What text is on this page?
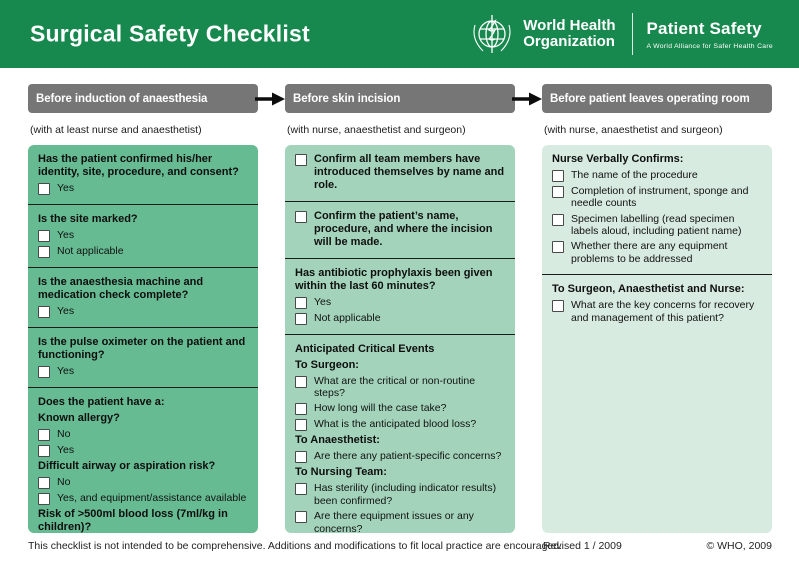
Surgical Safety Checklist	World Health
Organization
Patient Safety
A World Alliance for Safer Health Care
Before induction of anaesthesia
(with at least nurse and anaesthetist)
Has the patient confirmed his/her identity, site, procedure, and consent?
Yes
Is the site marked?
Yes
Not applicable
Is the anaesthesia machine and medication check complete?
Yes
Is the pulse oximeter on the patient and functioning?
Yes
Does the patient have a:
Known allergy?
No
Yes
Difficult airway or aspiration risk?
No
Yes, and equipment/assistance available
Risk of >500ml blood loss (7ml/kg in children)?
Before skin incision
(with nurse, anaesthetist and surgeon)
Confirm all team members have introduced themselves by name and role.
Confirm the patient’s name, procedure, and where the incision will be made.
Has antibiotic prophylaxis been given within the last 60 minutes?
Yes
Not applicable
Anticipated Critical Events
To Surgeon:
What are the critical or non-routine steps?
How long will the case take?
What is the anticipated blood loss?
To Anaesthetist:
Are there any patient-specific concerns?
To Nursing Team:
Has sterility (including indicator results) been confirmed?
Are there equipment issues or any concerns?
Before patient leaves operating room
(with nurse, anaesthetist and surgeon)
Nurse Verbally Confirms:
The name of the procedure
Completion of instrument, sponge and needle counts
Specimen labelling (read specimen labels aloud, including patient name)
Whether there are any equipment problems to be addressed
To Surgeon, Anaesthetist and Nurse:
What are the key concerns for recovery and management of this patient?
This checklist is not intended to be comprehensive. Additions and modifications to fit local practice are encouraged.
Revised 1 / 2009	© WHO, 2009
